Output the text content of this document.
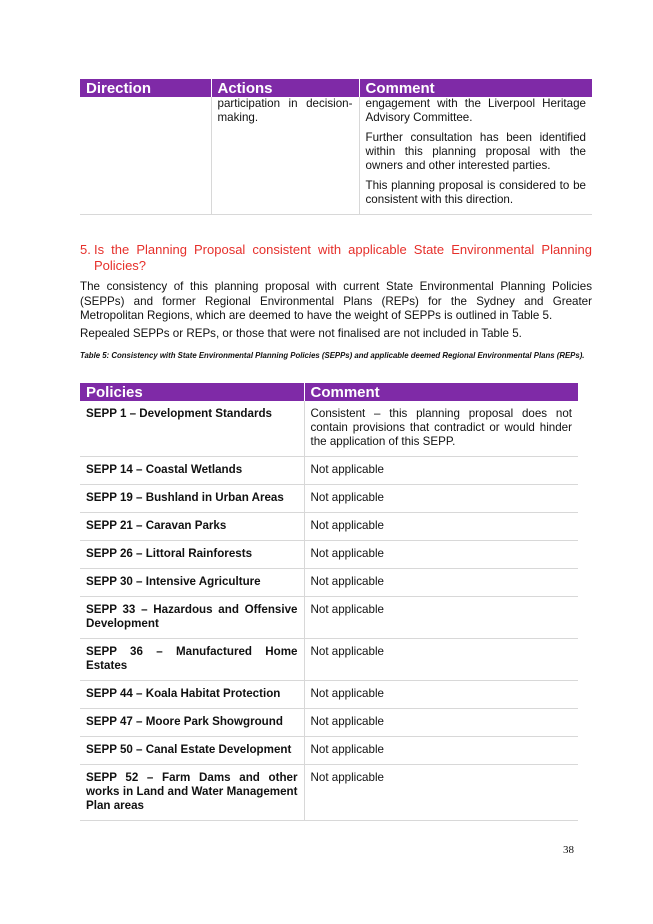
Direction	Actions	Comment
	participation in decision-making.	engagement with the Liverpool Heritage Advisory Committee.

Further consultation has been identified within this planning proposal with the owners and other interested parties.

This planning proposal is considered to be consistent with this direction.

5. Is the Planning Proposal consistent with applicable State Environmental Planning Policies?

The consistency of this planning proposal with current State Environmental Planning Policies (SEPPs) and former Regional Environmental Plans (REPs) for the Sydney and Greater Metropolitan Regions, which are deemed to have the weight of SEPPs is outlined in Table 5.

Repealed SEPPs or REPs, or those that were not finalised are not included in Table 5.

Table 5: Consistency with State Environmental Planning Policies (SEPPs) and applicable deemed Regional Environmental Plans (REPs).

Policies	Comment
SEPP 1 – Development Standards	Consistent – this planning proposal does not contain provisions that contradict or would hinder the application of this SEPP.
SEPP 14 – Coastal Wetlands	Not applicable
SEPP 19 – Bushland in Urban Areas	Not applicable
SEPP 21 – Caravan Parks	Not applicable
SEPP 26 – Littoral Rainforests	Not applicable
SEPP 30 – Intensive Agriculture	Not applicable
SEPP 33 – Hazardous and Offensive Development	Not applicable
SEPP 36 – Manufactured Home Estates	Not applicable
SEPP 44 – Koala Habitat Protection	Not applicable
SEPP 47 – Moore Park Showground	Not applicable
SEPP 50 – Canal Estate Development	Not applicable
SEPP 52 – Farm Dams and other works in Land and Water Management Plan areas	Not applicable
38
